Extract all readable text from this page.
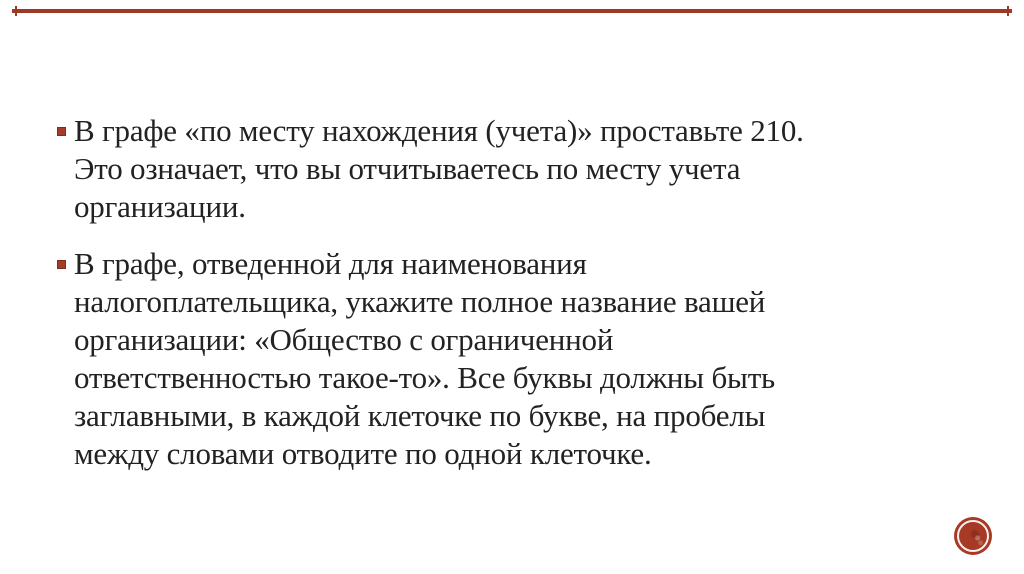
В графе «по месту нахождения (учета)» проставьте 210.
Это означает, что вы отчитываетесь по месту учета
организации.
В графе, отведенной для наименования
налогоплательщика, укажите полное название вашей
организации: «Общество с ограниченной
ответственностью такое-то». Все буквы должны быть
заглавными, в каждой клеточке по букве, на пробелы
между словами отводите по одной клеточке.
